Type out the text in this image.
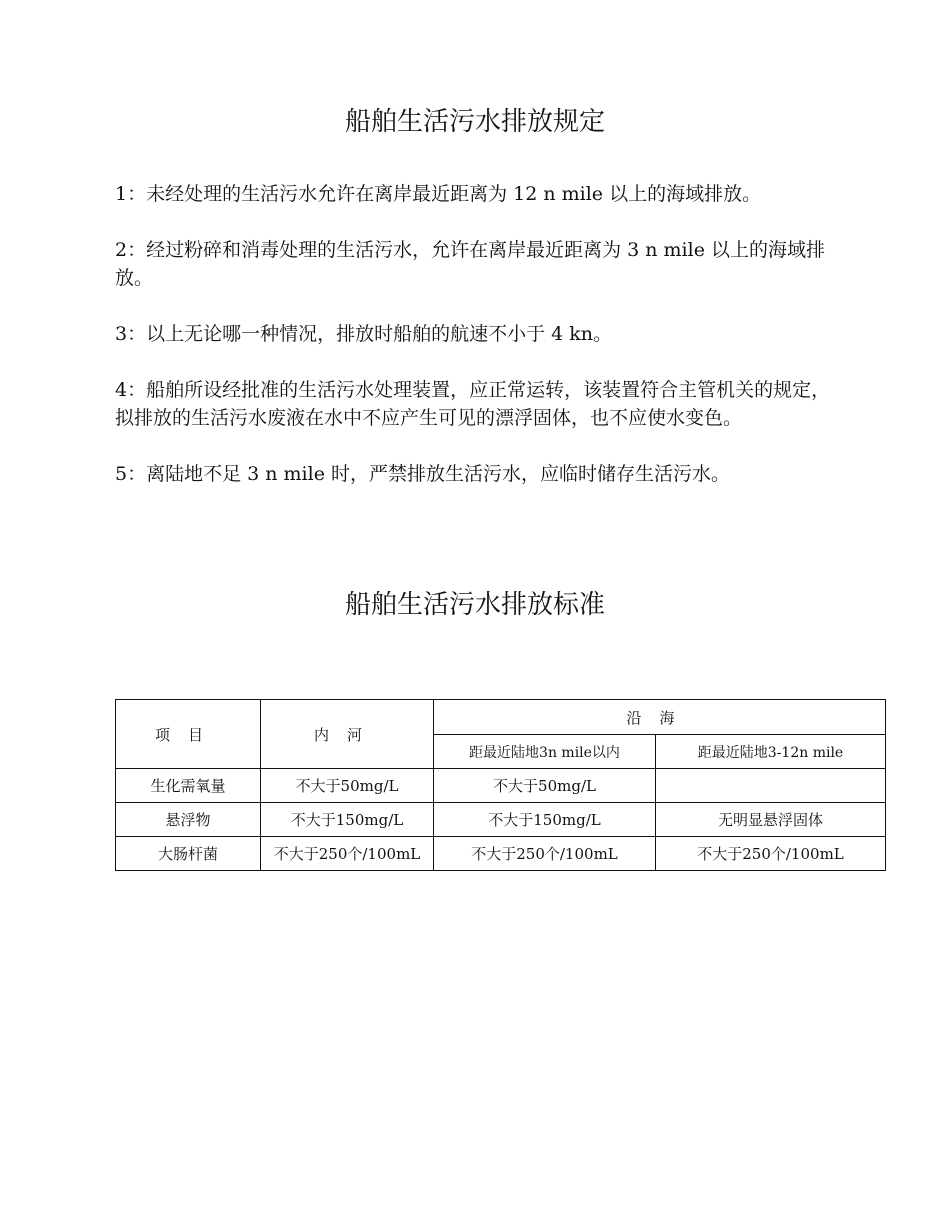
船舶生活污水排放规定

1：未经处理的生活污水允许在离岸最近距离为 12 n mile 以上的海域排放。

2：经过粉碎和消毒处理的生活污水，允许在离岸最近距离为 3 n mile 以上的海域排放。

3：以上无论哪一种情况，排放时船舶的航速不小于 4 kn。

4：船舶所设经批准的生活污水处理装置，应正常运转，该装置符合主管机关的规定，拟排放的生活污水废液在水中不应产生可见的漂浮固体，也不应使水变色。

5：离陆地不足 3 n mile 时，严禁排放生活污水，应临时储存生活污水。

船舶生活污水排放标准
项目	内河	沿海	
		距最近陆地3n mile以内	距最近陆地3-12n mile
生化需氧量	不大于50mg/L	不大于50mg/L	
悬浮物	不大于150mg/L	不大于150mg/L	无明显悬浮固体
大肠杆菌	不大于250个/100mL	不大于250个/100mL	不大于250个/100mL
